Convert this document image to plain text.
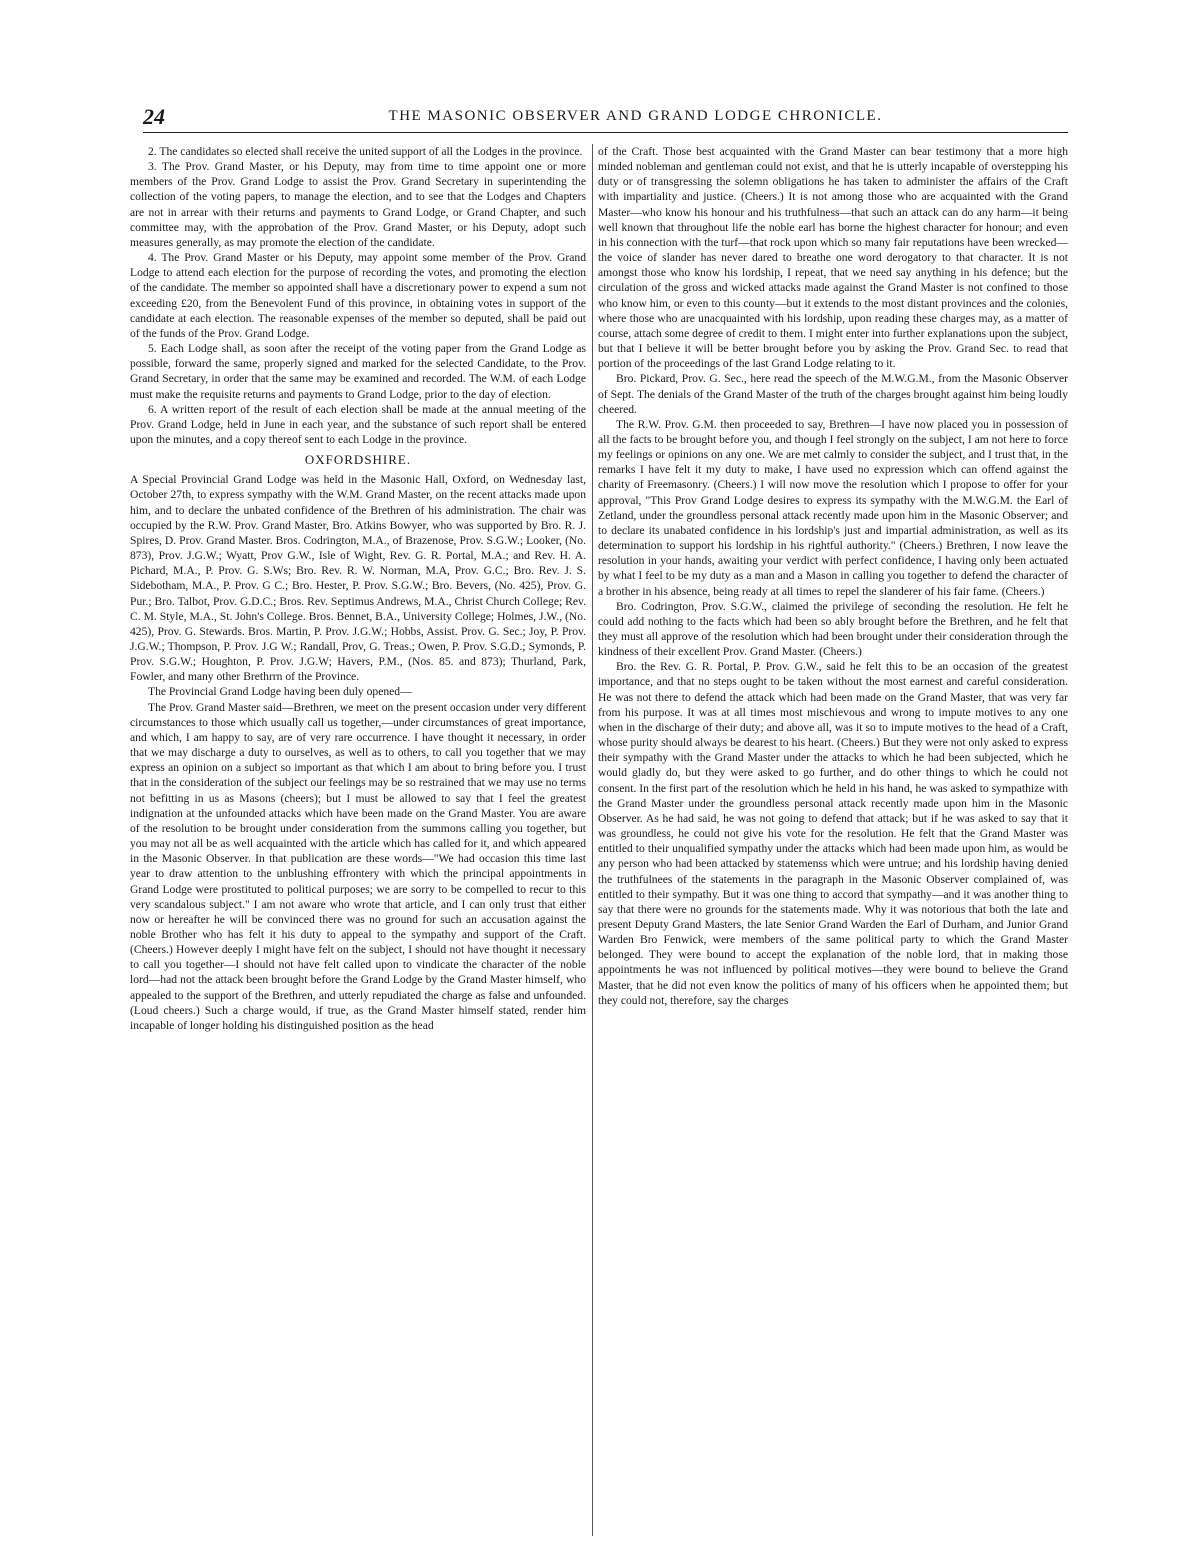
24	THE MASONIC OBSERVER AND GRAND LODGE CHRONICLE.

2. The candidates so elected shall receive the united support of all the Lodges in the province.

3. The Prov. Grand Master, or his Deputy, may from time to time appoint one or more members of the Prov. Grand Lodge to assist the Prov. Grand Secretary in superintending the collection of the voting papers, to manage the election, and to see that the Lodges and Chapters are not in arrear with their returns and payments to Grand Lodge, or Grand Chapter, and such committee may, with the approbation of the Prov. Grand Master, or his Deputy, adopt such measures generally, as may promote the election of the candidate.

4. The Prov. Grand Master or his Deputy, may appoint some member of the Prov. Grand Lodge to attend each election for the purpose of recording the votes, and promoting the election of the candidate. The member so appointed shall have a discretionary power to expend a sum not exceeding £20, from the Benevolent Fund of this province, in obtaining votes in support of the candidate at each election. The reasonable expenses of the member so deputed, shall be paid out of the funds of the Prov. Grand Lodge.

5. Each Lodge shall, as soon after the receipt of the voting paper from the Grand Lodge as possible, forward the same, properly signed and marked for the selected Candidate, to the Prov. Grand Secretary, in order that the same may be examined and recorded. The W.M. of each Lodge must make the requisite returns and payments to Grand Lodge, prior to the day of election.

6. A written report of the result of each election shall be made at the annual meeting of the Prov. Grand Lodge, held in June in each year, and the substance of such report shall be entered upon the minutes, and a copy thereof sent to each Lodge in the province.

OXFORDSHIRE.

A Special Provincial Grand Lodge was held in the Masonic Hall, Oxford, on Wednesday last, October 27th, to express sympathy with the W.M. Grand Master, on the recent attacks made upon him, and to declare the unbated confidence of the Brethren of his administration. The chair was occupied by the R.W. Prov. Grand Master, Bro. Atkins Bowyer, who was supported by Bro. R. J. Spires, D. Prov. Grand Master. Bros. Codrington, M.A., of Brazenose, Prov. S.G.W.; Looker, (No. 873), Prov. J.G.W.; Wyatt, Prov G.W., Isle of Wight, Rev. G. R. Portal, M.A.; and Rev. H. A. Pichard, M.A., P. Prov. G. S.Ws; Bro. Rev. R. W. Norman, M.A, Prov. G.C.; Bro. Rev. J. S. Sidebotham, M.A., P. Prov. G C.; Bro. Hester, P. Prov. S.G.W.; Bro. Bevers, (No. 425), Prov. G. Pur.; Bro. Talbot, Prov. G.D.C.; Bros. Rev. Septimus Andrews, M.A., Christ Church College; Rev. C. M. Style, M.A., St. John's College. Bros. Bennet, B.A., University College; Holmes, J.W., (No. 425), Prov. G. Stewards. Bros. Martin, P. Prov. J.G.W.; Hobbs, Assist. Prov. G. Sec.; Joy, P. Prov. J.G.W.; Thompson, P. Prov. J.G W.; Randall, Prov, G. Treas.; Owen, P. Prov. S.G.D.; Symonds, P. Prov. S.G.W.; Houghton, P. Prov. J.G.W; Havers, P.M., (Nos. 85. and 873); Thurland, Park, Fowler, and many other Brethrrn of the Province.

The Provincial Grand Lodge having been duly opened—

The Prov. Grand Master said—Brethren, we meet on the present occasion under very different circumstances to those which usually call us together,—under circumstances of great importance, and which, I am happy to say, are of very rare occurrence. I have thought it necessary, in order that we may discharge a duty to ourselves, as well as to others, to call you together that we may express an opinion on a subject so important as that which I am about to bring before you. I trust that in the consideration of the subject our feelings may be so restrained that we may use no terms not befitting in us as Masons (cheers); but I must be allowed to say that I feel the greatest indignation at the unfounded attacks which have been made on the Grand Master. You are aware of the resolution to be brought under consideration from the summons calling you together, but you may not all be as well acquainted with the article which has called for it, and which appeared in the Masonic Observer. In that publication are these words—"We had occasion this time last year to draw attention to the unblushing effrontery with which the principal appointments in Grand Lodge were prostituted to political purposes; we are sorry to be compelled to recur to this very scandalous subject." I am not aware who wrote that article, and I can only trust that either now or hereafter he will be convinced there was no ground for such an accusation against the noble Brother who has felt it his duty to appeal to the sympathy and support of the Craft. (Cheers.) However deeply I might have felt on the subject, I should not have thought it necessary to call you together—I should not have felt called upon to vindicate the character of the noble lord—had not the attack been brought before the Grand Lodge by the Grand Master himself, who appealed to the support of the Brethren, and utterly repudiated the charge as false and unfounded. (Loud cheers.) Such a charge would, if true, as the Grand Master himself stated, render him incapable of longer holding his distinguished position as the head

of the Craft. Those best acquainted with the Grand Master can bear testimony that a more high minded nobleman and gentleman could not exist, and that he is utterly incapable of overstepping his duty or of transgressing the solemn obligations he has taken to administer the affairs of the Craft with impartiality and justice. (Cheers.) It is not among those who are acquainted with the Grand Master—who know his honour and his truthfulness—that such an attack can do any harm—it being well known that throughout life the noble earl has borne the highest character for honour; and even in his connection with the turf—that rock upon which so many fair reputations have been wrecked—the voice of slander has never dared to breathe one word derogatory to that character. It is not amongst those who know his lordship, I repeat, that we need say anything in his defence; but the circulation of the gross and wicked attacks made against the Grand Master is not confined to those who know him, or even to this county—but it extends to the most distant provinces and the colonies, where those who are unacquainted with his lordship, upon reading these charges may, as a matter of course, attach some degree of credit to them. I might enter into further explanations upon the subject, but that I believe it will be better brought before you by asking the Prov. Grand Sec. to read that portion of the proceedings of the last Grand Lodge relating to it.

Bro. Pickard, Prov. G. Sec., here read the speech of the M.W.G.M., from the Masonic Observer of Sept. The denials of the Grand Master of the truth of the charges brought against him being loudly cheered.

The R.W. Prov. G.M. then proceeded to say, Brethren—I have now placed you in possession of all the facts to be brought before you, and though I feel strongly on the subject, I am not here to force my feelings or opinions on any one. We are met calmly to consider the subject, and I trust that, in the remarks I have felt it my duty to make, I have used no expression which can offend against the charity of Freemasonry. (Cheers.) I will now move the resolution which I propose to offer for your approval, "This Prov Grand Lodge desires to express its sympathy with the M.W.G.M. the Earl of Zetland, under the groundless personal attack recently made upon him in the Masonic Observer; and to declare its unabated confidence in his lordship's just and impartial administration, as well as its determination to support his lordship in his rightful authority." (Cheers.) Brethren, I now leave the resolution in your hands, awaiting your verdict with perfect confidence, I having only been actuated by what I feel to be my duty as a man and a Mason in calling you together to defend the character of a brother in his absence, being ready at all times to repel the slanderer of his fair fame. (Cheers.)

Bro. Codrington, Prov. S.G.W., claimed the privilege of seconding the resolution. He felt he could add nothing to the facts which had been so ably brought before the Brethren, and he felt that they must all approve of the resolution which had been brought under their consideration through the kindness of their excellent Prov. Grand Master. (Cheers.)

Bro. the Rev. G. R. Portal, P. Prov. G.W., said he felt this to be an occasion of the greatest importance, and that no steps ought to be taken without the most earnest and careful consideration. He was not there to defend the attack which had been made on the Grand Master, that was very far from his purpose. It was at all times most mischievous and wrong to impute motives to any one when in the discharge of their duty; and above all, was it so to impute motives to the head of a Craft, whose purity should always be dearest to his heart. (Cheers.) But they were not only asked to express their sympathy with the Grand Master under the attacks to which he had been subjected, which he would gladly do, but they were asked to go further, and do other things to which he could not consent. In the first part of the resolution which he held in his hand, he was asked to sympathize with the Grand Master under the groundless personal attack recently made upon him in the Masonic Observer. As he had said, he was not going to defend that attack; but if he was asked to say that it was groundless, he could not give his vote for the resolution. He felt that the Grand Master was entitled to their unqualified sympathy under the attacks which had been made upon him, as would be any person who had been attacked by statemenss which were untrue; and his lordship having denied the truthfulnees of the statements in the paragraph in the Masonic Observer complained of, was entitled to their sympathy. But it was one thing to accord that sympathy—and it was another thing to say that there were no grounds for the statements made. Why it was notorious that both the late and present Deputy Grand Masters, the late Senior Grand Warden the Earl of Durham, and Junior Grand Warden Bro Fenwick, were members of the same political party to which the Grand Master belonged. They were bound to accept the explanation of the noble lord, that in making those appointments he was not influenced by political motives—they were bound to believe the Grand Master, that he did not even know the politics of many of his officers when he appointed them; but they could not, therefore, say the charges
